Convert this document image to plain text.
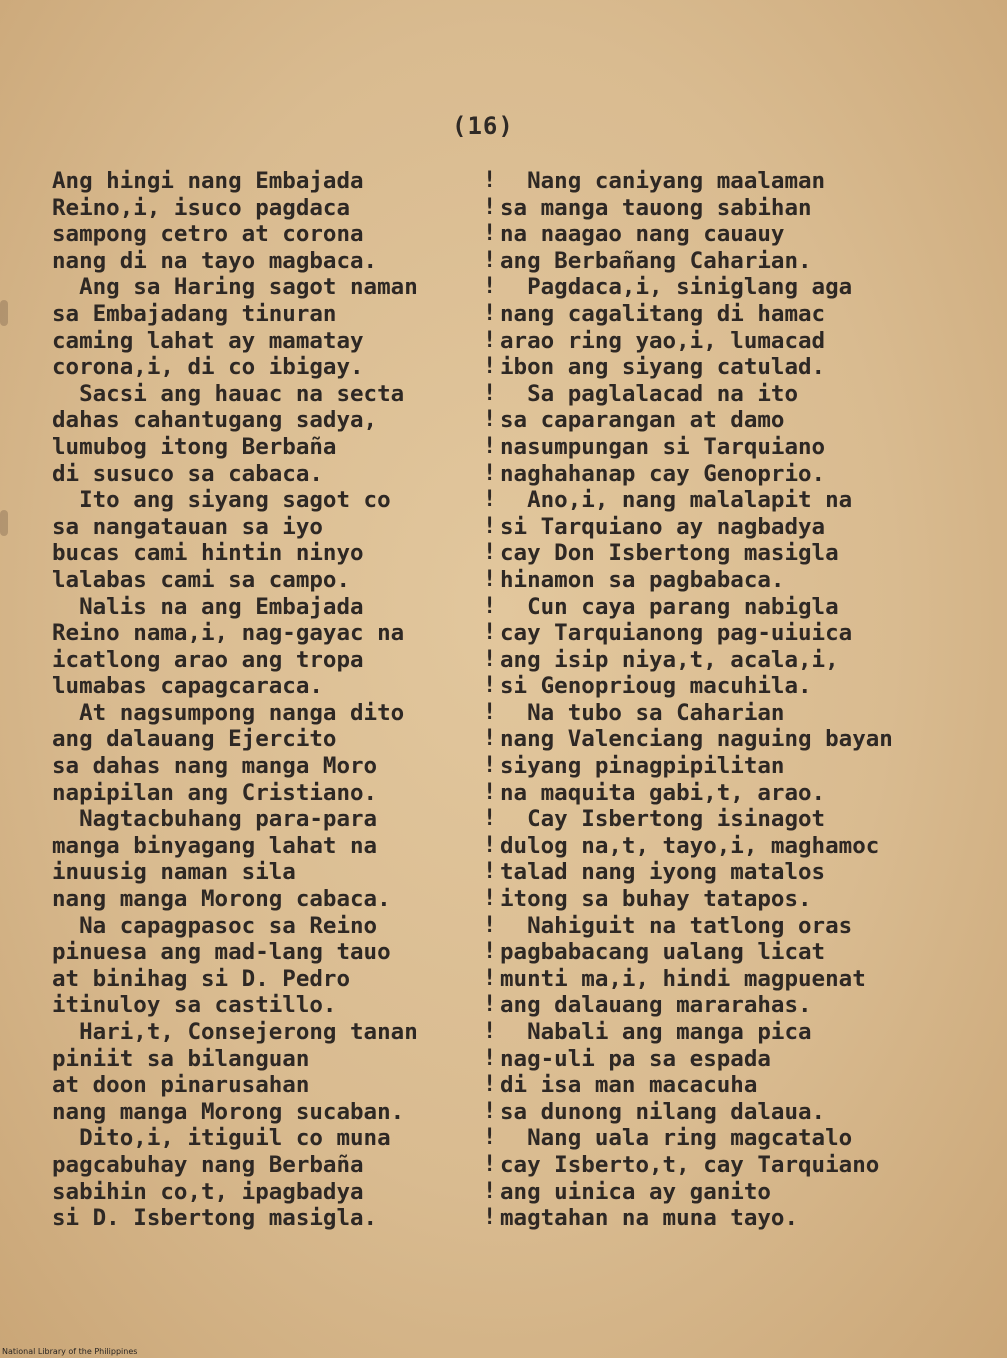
(16)
Ang hingi nang Embajada
Reino,i, isuco pagdaca
sampong cetro at corona
nang di na tayo magbaca.
Ang sa Haring sagot naman
sa Embajadang tinuran
caming lahat ay mamatay
corona,i, di co ibigay.
Sacsi ang hauac na secta
dahas cahantugang sadya,
lumubog itong Berbaña
di susuco sa cabaca.
Ito ang siyang sagot co
sa nangatauan sa iyo
bucas cami hintin ninyo
lalabas cami sa campo.
Nalis na ang Embajada
Reino nama,i, nag-gayac na
icatlong arao ang tropa
lumabas capagcaraca.
At nagsumpong nanga dito
ang dalauang Ejercito
sa dahas nang manga Moro
napipilan ang Cristiano.
Nagtacbuhang para-para
manga binyagang lahat na
inuusig naman sila
nang manga Morong cabaca.
Na capagpasoc sa Reino
pinuesa ang mad-lang tauo
at binihag si D. Pedro
itinuloy sa castillo.
Hari,t, Consejerong tanan
piniit sa bilanguan
at doon pinarusahan
nang manga Morong sucaban.
Dito,i, itiguil co muna
pagcabuhay nang Berbaña
sabihin co,t, ipagbadya
si D. Isbertong masigla.
!
!
!
!
!
!
!
!
!
!
!
!
!
!
!
!
!
!
!
!
!
!
!
!
!
!
!
!
!
!
!
!
!
!
!
!
!
!
!
!
Nang caniyang maalaman
sa manga tauong sabihan
na naagao nang cauauy
ang Berbañang Caharian.
Pagdaca,i, siniglang aga
nang cagalitang di hamac
arao ring yao,i, lumacad
ibon ang siyang catulad.
Sa paglalacad na ito
sa caparangan at damo
nasumpungan si Tarquiano
naghahanap cay Genoprio.
Ano,i, nang malalapit na
si Tarquiano ay nagbadya
cay Don Isbertong masigla
hinamon sa pagbabaca.
Cun caya parang nabigla
cay Tarquianong pag-uiuica
ang isip niya,t, acala,i,
si Genoprioug macuhila.
Na tubo sa Caharian
nang Valenciang naguing bayan
siyang pinagpipilitan
na maquita gabi,t, arao.
Cay Isbertong isinagot
dulog na,t, tayo,i, maghamoc
talad nang iyong matalos
itong sa buhay tatapos.
Nahiguit na tatlong oras
pagbabacang ualang licat
munti ma,i, hindi magpuenat
ang dalauang mararahas.
Nabali ang manga pica
nag-uli pa sa espada
di isa man macacuha
sa dunong nilang dalaua.
Nang uala ring magcatalo
cay Isberto,t, cay Tarquiano
ang uinica ay ganito
magtahan na muna tayo.
National Library of the Philippines
